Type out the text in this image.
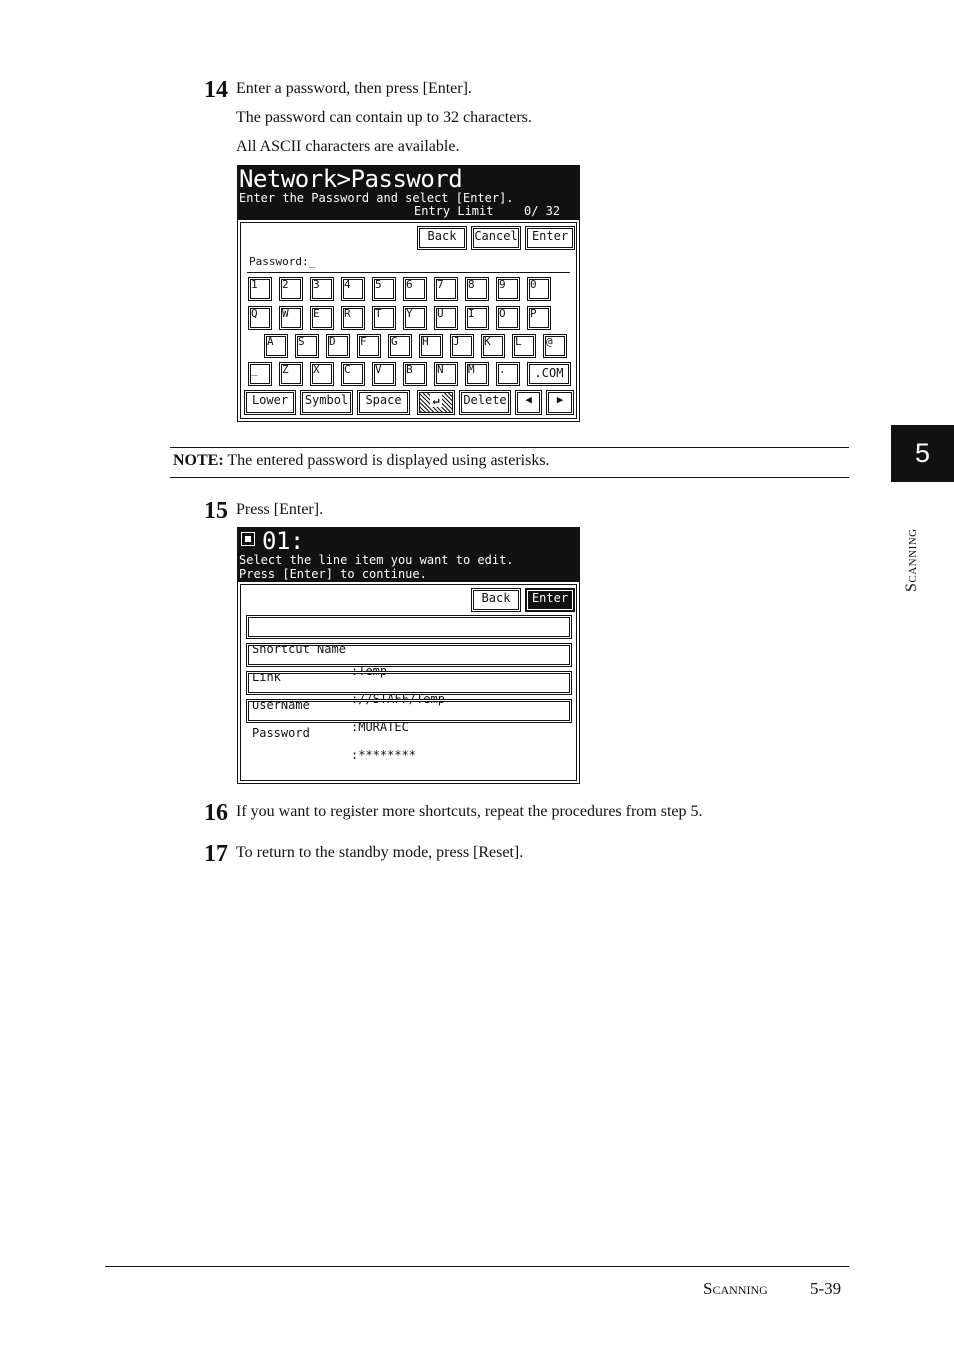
14 Enter a password, then press [Enter].
The password can contain up to 32 characters.
All ASCII characters are available.
Network>Password
Enter the Password and select [Enter].
Entry Limit	0/ 32
Back	Cancel	Enter
Password:_
1	2	3	4	5	6	7	8	9	0
Q	W	E	R	T	Y	U	I	O	P
A	S	D	F	G	H	J	K	L	@
_	Z	X	C	V	B	N	M	.	.COM
Lower	Symbol	Space	↵	Delete	◀	▶
NOTE: The entered password is displayed using asterisks.
15 Press [Enter].
01:
Select the line item you want to edit.
Press [Enter] to continue.
Back	Enter

Shortcut Name

:Temp

Link

://STAFF/Temp

UserName

:MURATEC

Password

:********

16 If you want to register more shortcuts, repeat the procedures from step 5.
17 To return to the standby mode, press [Reset].
5
Scanning
Scanning 5-39
